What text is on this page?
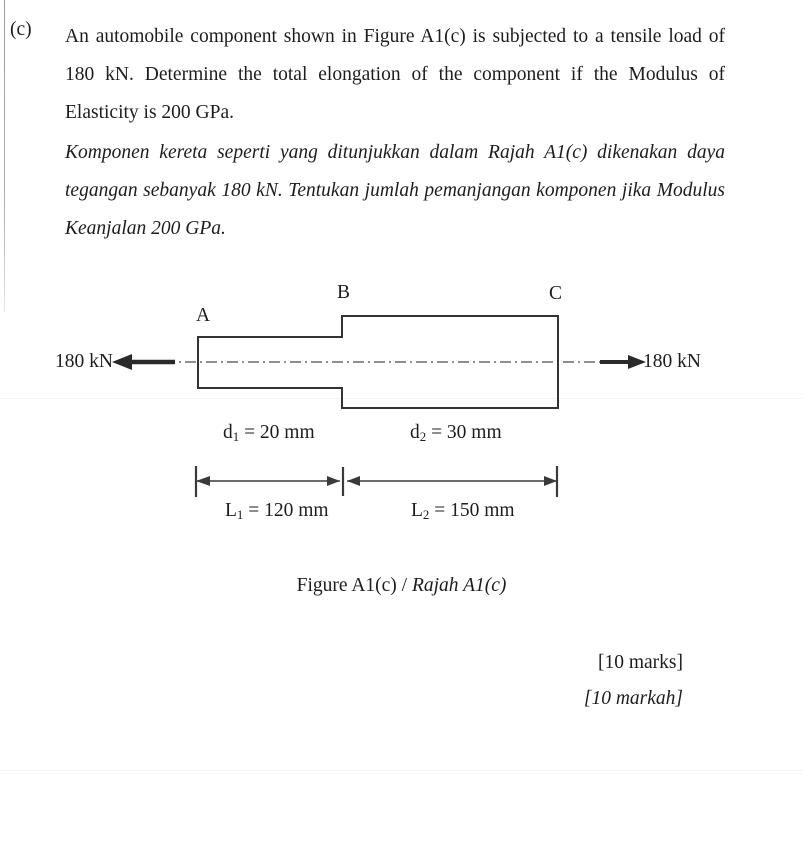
(c) An automobile component shown in Figure A1(c) is subjected to a tensile load of 180 kN. Determine the total elongation of the component if the Modulus of Elasticity is 200 GPa.
Komponen kereta seperti yang ditunjukkan dalam Rajah A1(c) dikenakan daya tegangan sebanyak 180 kN. Tentukan jumlah pemanjangan komponen jika Modulus Keanjalan 200 GPa.
A
B	C
180 kN	180 kN
$d_1 = 20$ mm	$d_2 = 30$ mm
$L_1 = 120$ mm	$L_2 = 150$ mm
Figure A1(c) / Rajah A1(c)
[10 marks]
[10 markah]
